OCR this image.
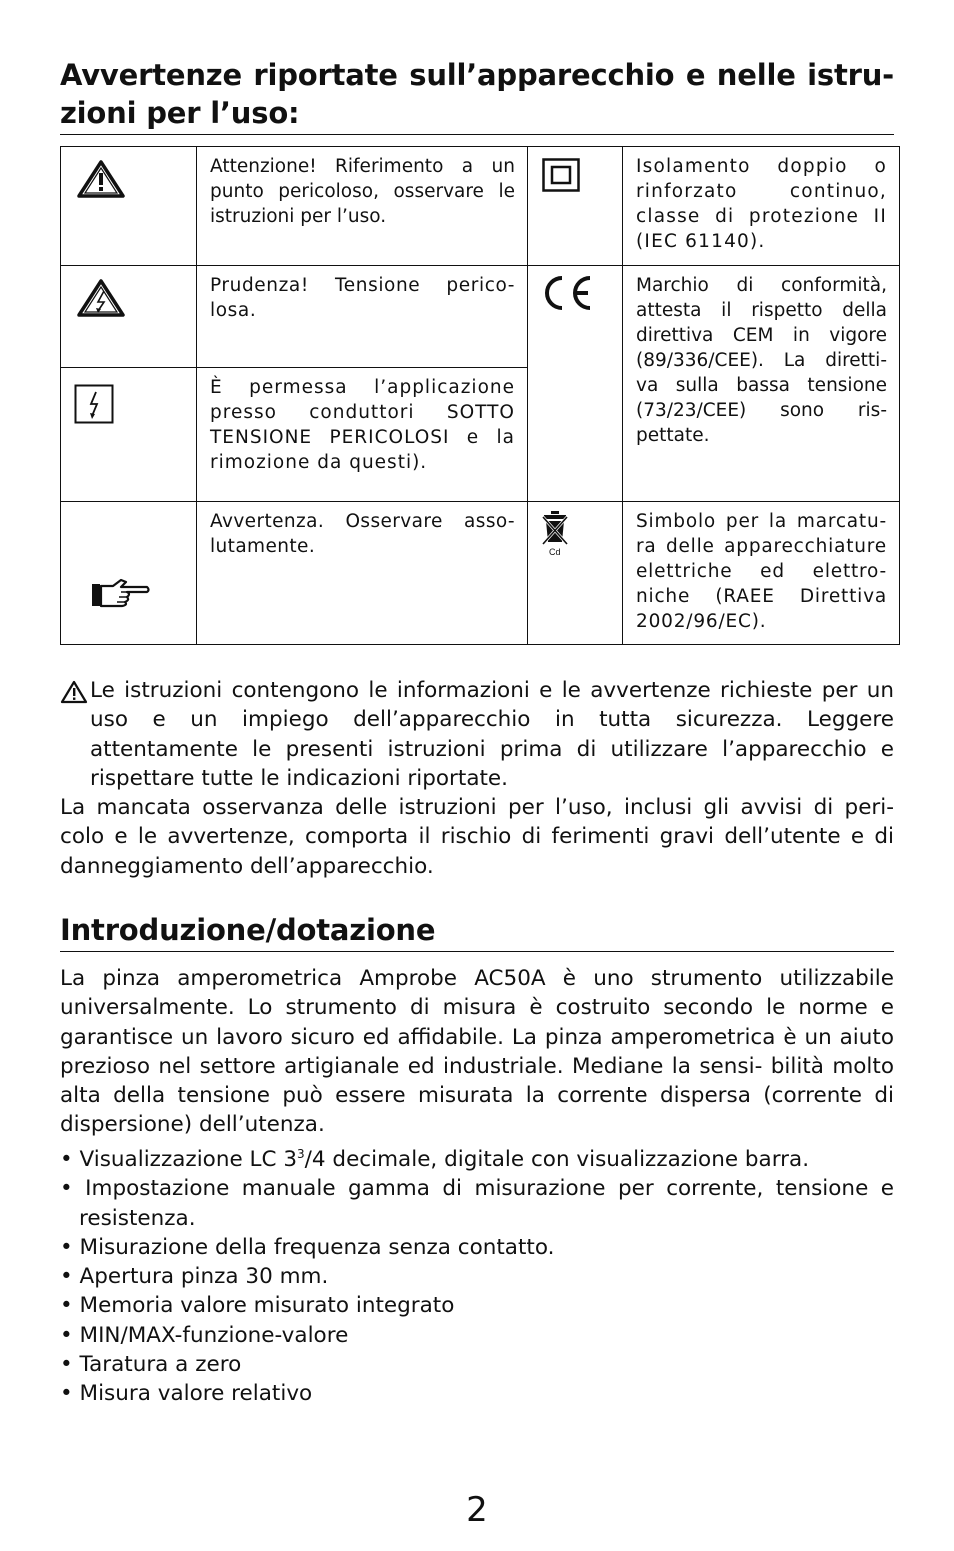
Avvertenze riportate sull’apparecchio e nelle istru- zioni per l’uso:
	Attenzione! Riferimento a un punto pericoloso, osservare le istruzioni per l’uso.		Isolamento doppio o rinforzato continuo, classe di protezione II (IEC 61140).

	Prudenza! Tensione perico- losa.		Marchio di conformità, attesta il rispetto della direttiva CEM in vigore (89/336/CEE). La diretti- va sulla bassa tensione (73/23/CEE) sono ris- pettate.

	È permessa l’applicazione presso conduttori SOTTO TENSIONE PERICOLOSI e la rimozione da questi).		

	Avvertenza. Osservare asso- lutamente.	Cd	Simbolo per la marcatu- ra delle apparecchiature elettriche ed elettro- niche (RAEE Direttiva 2002/96/EC).
Le istruzioni contengono le informazioni e le avvertenze richieste per un uso e un impiego dell’apparecchio in tutta sicurezza. Leggere attentamente le presenti istruzioni prima di utilizzare l’apparecchio e rispettare tutte le indicazioni riportate.
La mancata osservanza delle istruzioni per l’uso, inclusi gli avvisi di peri- colo e le avvertenze, comporta il rischio di ferimenti gravi dell’utente e di danneggiamento dell’apparecchio.
Introduzione/dotazione
La pinza amperometrica Amprobe AC50A è uno strumento utilizzabile universalmente. Lo strumento di misura è costruito secondo le norme e garantisce un lavoro sicuro ed affidabile. La pinza amperometrica è un aiuto prezioso nel settore artigianale ed industriale. Mediane la sensi- bilità molto alta della tensione può essere misurata la corrente dispersa (corrente di dispersione) dell’utenza.
• Visualizzazione LC $3^3/4$ decimale, digitale con visualizzazione barra.
• Impostazione manuale gamma di misurazione per corrente, tensione e resistenza.
• Misurazione della frequenza senza contatto.
• Apertura pinza 30 mm.
• Memoria valore misurato integrato
• MIN/MAX-funzione-valore
• Taratura a zero
• Misura valore relativo
2
